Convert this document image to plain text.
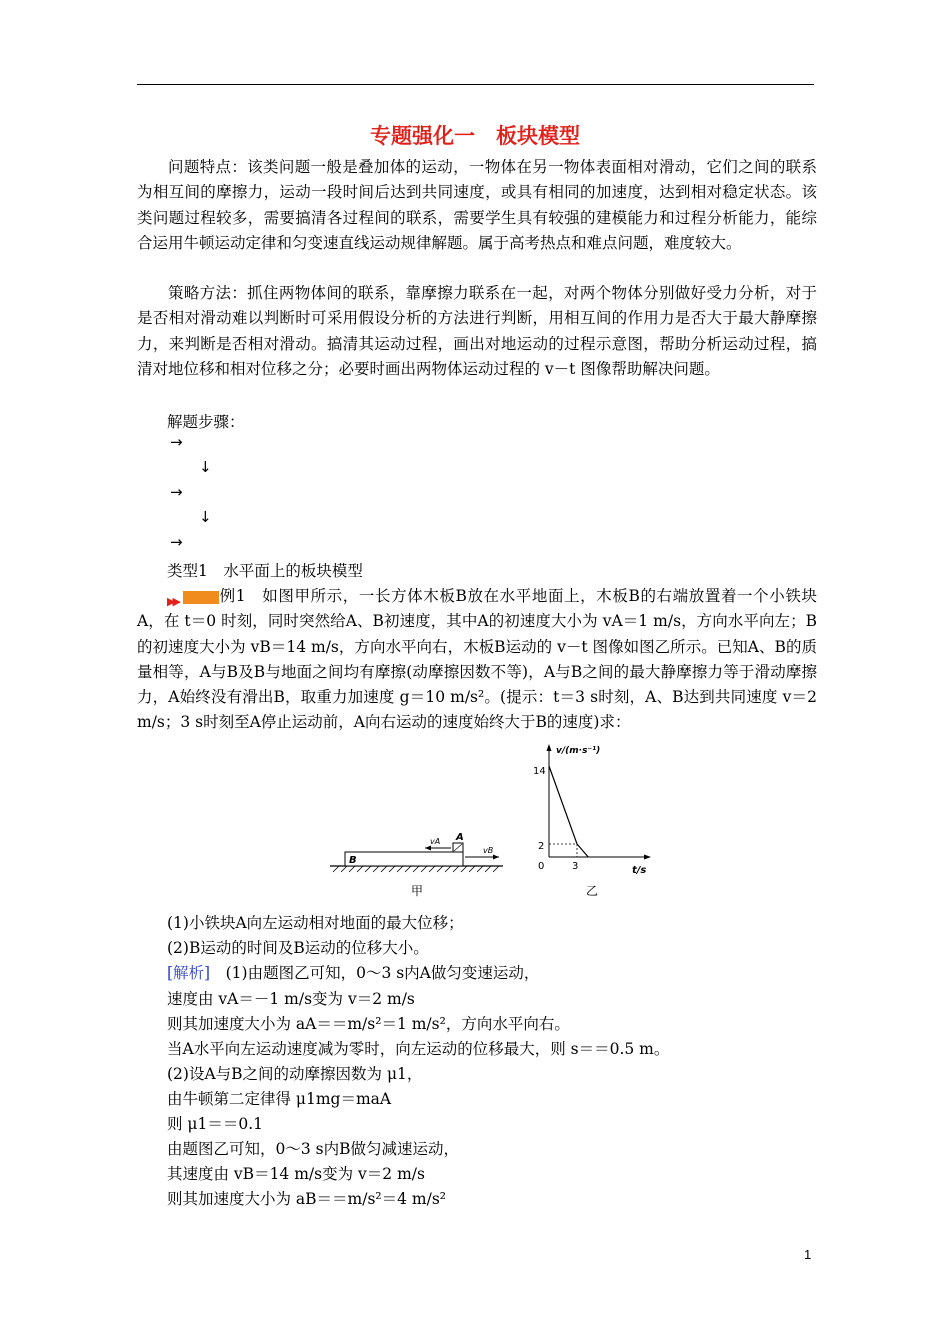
专题强化一　板块模型
问题特点：该类问题一般是叠加体的运动，一物体在另一物体表面相对滑动，它们之间的联系为相互间的摩擦力，运动一段时间后达到共同速度，或具有相同的加速度，达到相对稳定状态。该类问题过程较多，需要搞清各过程间的联系，需要学生具有较强的建模能力和过程分析能力，能综合运用牛顿运动定律和匀变速直线运动规律解题。属于高考热点和难点问题，难度较大。
策略方法：抓住两物体间的联系，靠摩擦力联系在一起，对两个物体分别做好受力分析，对于是否相对滑动难以判断时可采用假设分析的方法进行判断，用相互间的作用力是否大于最大静摩擦力，来判断是否相对滑动。搞清其运动过程，画出对地运动的过程示意图，帮助分析运动过程，搞清对地位移和相对位移之分；必要时画出两物体运动过程的 v－t 图像帮助解决问题。
解题步骤：
→
↓
→
↓
→
类型1　水平面上的板块模型
▶▶	例1　 如图甲所示，一长方体木板B放在水平地面上，木板B的右端放置着一个小铁块A，在 t＝0 时刻，同时突然给A、B初速度，其中A的初速度大小为 vA＝1 m/s，方向水平向左；B的初速度大小为 vB＝14 m/s，方向水平向右，木板B运动的 v－t 图像如图乙所示。已知A、B的质量相等，A与B及B与地面之间均有摩擦(动摩擦因数不等)，A与B之间的最大静摩擦力等于滑动摩擦力，A始终没有滑出B，取重力加速度 g＝10 m/s²。(提示：t＝3 s时刻，A、B达到共同速度 v＝2 m/s；3 s时刻至A停止运动前，A向右运动的速度始终大于B的速度)求：
B
A
vA
vB
甲
v/(m·s⁻¹)
t/s
0
14
2
3
乙
(1)小铁块A向左运动相对地面的最大位移；
(2)B运动的时间及B运动的位移大小。
[解析]　 (1)由题图乙可知，0～3 s内A做匀变速运动，
速度由 vA＝－1 m/s变为 v＝2 m/s
则其加速度大小为 aA＝＝m/s²＝1 m/s²，方向水平向右。
当A水平向左运动速度减为零时，向左运动的位移最大，则 s＝＝0.5 m。
(2)设A与B之间的动摩擦因数为 μ1，
由牛顿第二定律得 μ1mg＝maA
则 μ1＝＝0.1
由题图乙可知，0～3 s内B做匀减速运动，
其速度由 vB＝14 m/s变为 v＝2 m/s
则其加速度大小为 aB＝＝m/s²＝4 m/s²
1
